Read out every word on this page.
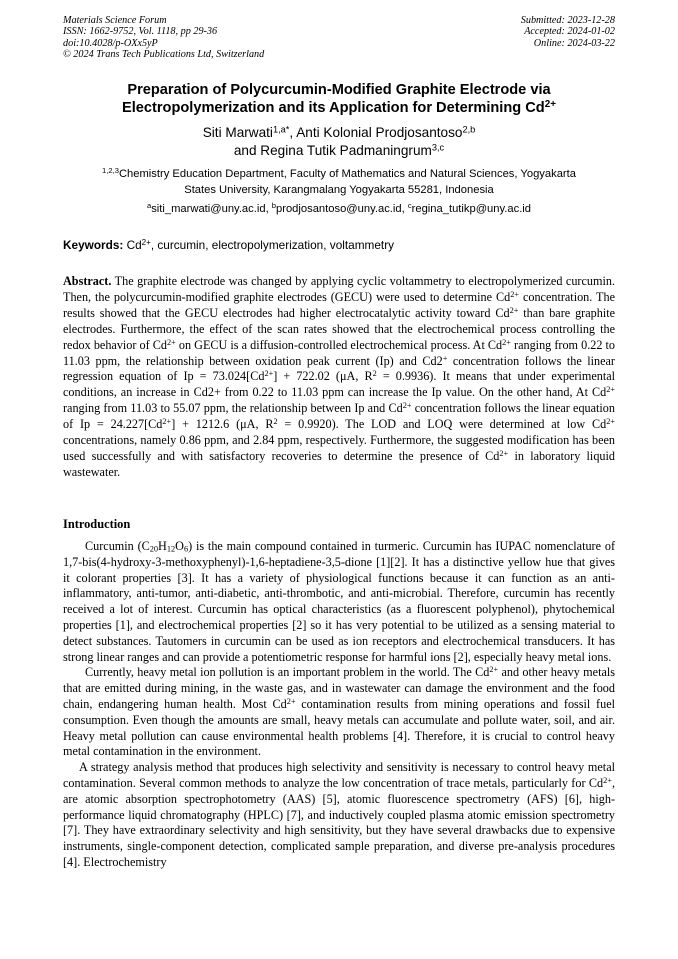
Materials Science Forum
ISSN: 1662-9752, Vol. 1118, pp 29-36
doi:10.4028/p-OXx5yP
© 2024 Trans Tech Publications Ltd, Switzerland
Submitted: 2023-12-28
Accepted: 2024-01-02
Online: 2024-03-22
Preparation of Polycurcumin-Modified Graphite Electrode via
Electropolymerization and its Application for Determining $Cd^{2+}$
Siti Marwati$^{1,a*}$, Anti Kolonial Prodjosantoso$^{2,b}$
and Regina Tutik Padmaningrum$^{3,c}$
$^{1,2,3}$Chemistry Education Department, Faculty of Mathematics and Natural Sciences, Yogyakarta
States University, Karangmalang Yogyakarta 55281, Indonesia
$^a$siti_marwati@uny.ac.id, $^b$prodjosantoso@uny.ac.id, $^c$regina_tutikp@uny.ac.id
Keywords: $Cd^{2+}$, curcumin, electropolymerization, voltammetry
Abstract. The graphite electrode was changed by applying cyclic voltammetry to electropolymerized curcumin. Then, the polycurcumin-modified graphite electrodes (GECU) were used to determine $Cd^{2+}$ concentration. The results showed that the GECU electrodes had higher electrocatalytic activity toward $Cd^{2+}$ than bare graphite electrodes. Furthermore, the effect of the scan rates showed that the electrochemical process controlling the redox behavior of $Cd^{2+}$ on GECU is a diffusion-controlled electrochemical process. At $Cd^{2+}$ ranging from 0.22 to 11.03 ppm, the relationship between oxidation peak current (Ip) and Cd2+ concentration follows the linear regression equation of $Ip = 73.024[Cd^{2+}] + 722.02$ (μA, $R^2 = 0.9936$). It means that under experimental conditions, an increase in Cd2+ from 0.22 to 11.03 ppm can increase the Ip value. On the other hand, At $Cd^{2+}$ ranging from 11.03 to 55.07 ppm, the relationship between Ip and $Cd^{2+}$ concentration follows the linear equation of $Ip = 24.227[Cd^{2+}] + 1212.6$ (μA, $R^2 = 0.9920$). The LOD and LOQ were determined at low $Cd^{2+}$ concentrations, namely 0.86 ppm, and 2.84 ppm, respectively. Furthermore, the suggested modification has been used successfully and with satisfactory recoveries to determine the presence of $Cd^{2+}$ in laboratory liquid wastewater.
Introduction

Curcumin $(C_{20}H_{12}O_6)$ is the main compound contained in turmeric. Curcumin has IUPAC nomenclature of 1,7-bis(4-hydroxy-3-methoxyphenyl)-1,6-heptadiene-3,5-dione [1][2]. It has a distinctive yellow hue that gives it colorant properties [3]. It has a variety of physiological functions because it can function as an anti-inflammatory, anti-tumor, anti-diabetic, anti-thrombotic, and anti-microbial. Therefore, curcumin has recently received a lot of interest. Curcumin has optical characteristics (as a fluorescent polyphenol), phytochemical properties [1], and electrochemical properties [2] so it has very potential to be utilized as a sensing material to detect substances. Tautomers in curcumin can be used as ion receptors and electrochemical transducers. It has strong linear ranges and can provide a potentiometric response for harmful ions [2], especially heavy metal ions.

Currently, heavy metal ion pollution is an important problem in the world. The $Cd^{2+}$ and other heavy metals that are emitted during mining, in the waste gas, and in wastewater can damage the environment and the food chain, endangering human health. Most $Cd^{2+}$ contamination results from mining operations and fossil fuel consumption. Even though the amounts are small, heavy metals can accumulate and pollute water, soil, and air. Heavy metal pollution can cause environmental health problems [4]. Therefore, it is crucial to control heavy metal contamination in the environment.

A strategy analysis method that produces high selectivity and sensitivity is necessary to control heavy metal contamination. Several common methods to analyze the low concentration of trace metals, particularly for $Cd^{2+}$, are atomic absorption spectrophotometry (AAS) [5], atomic fluorescence spectrometry (AFS) [6], high-performance liquid chromatography (HPLC) [7], and inductively coupled plasma atomic emission spectrometry [7]. They have extraordinary selectivity and high sensitivity, but they have several drawbacks due to expensive instruments, single-component detection, complicated sample preparation, and diverse pre-analysis procedures [4]. Electrochemistry
